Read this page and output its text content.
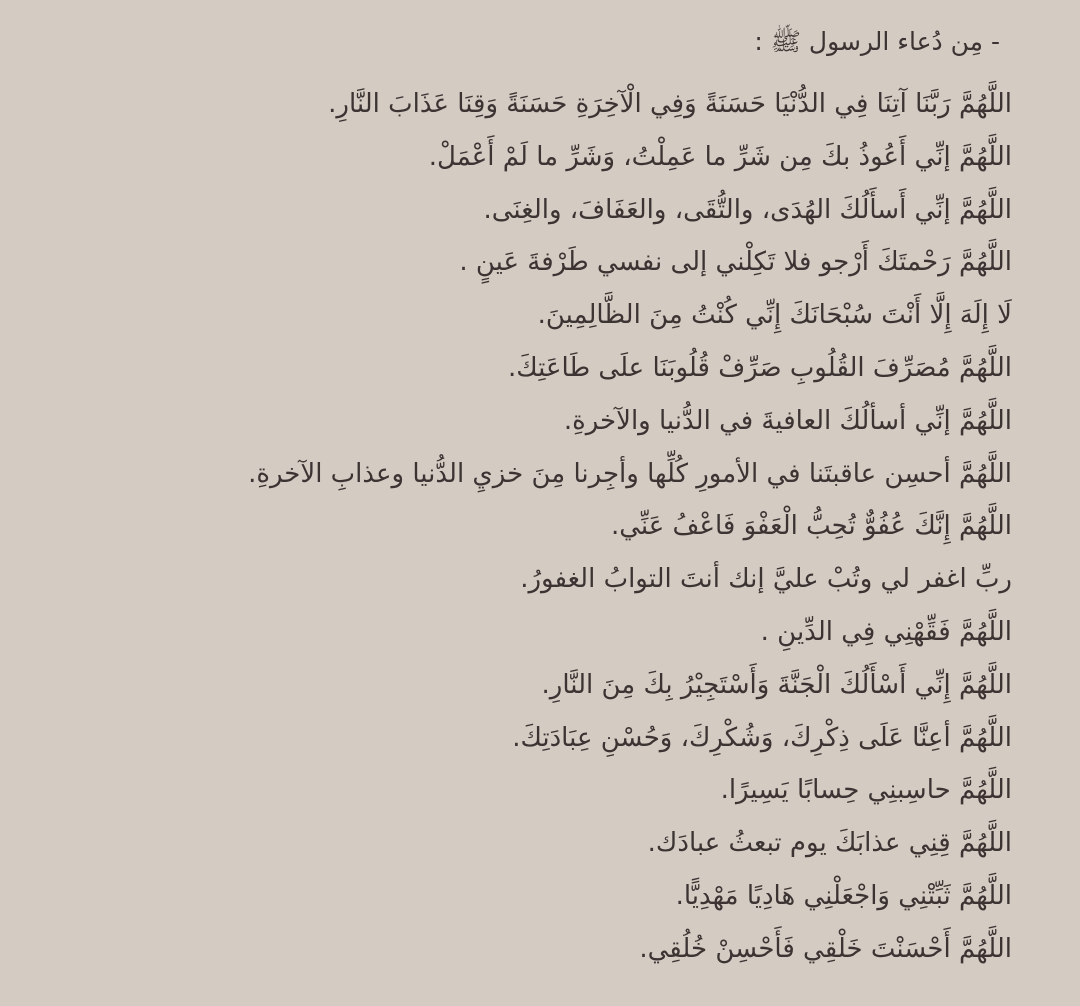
- مِن دُعاء الرسول ﷺ :
اللَّهُمَّ رَبَّنَا آتِنَا فِي الدُّنْيَا حَسَنَةً وَفِي الْآخِرَةِ حَسَنَةً وَقِنَا عَذَابَ النَّارِ.
اللَّهُمَّ إنِّي أَعُوذُ بكَ مِن شَرِّ ما عَمِلْتُ، وَشَرِّ ما لَمْ أَعْمَلْ.
اللَّهُمَّ إنِّي أَسأَلُكَ الهُدَى، والتُّقَى، والعَفَافَ، والغِنَى.
اللَّهُمَّ رَحْمتَكَ أَرْجو فلا تَكِلْني إلى نفسي طَرْفةَ عَينٍ .
لَا إِلَهَ إِلَّا أَنْتَ سُبْحَانَكَ إِنِّي كُنْتُ مِنَ الظَّالِمِينَ.
اللَّهُمَّ مُصَرِّفَ القُلُوبِ صَرِّفْ قُلُوبَنَا علَى طَاعَتِكَ.
اللَّهُمَّ إنِّي أسألُكَ العافيةَ في الدُّنيا والآخرةِ.
اللَّهُمَّ أحسِن عاقبتَنا في الأمورِ كُلِّها وأجِرنا مِنَ خزيِ الدُّنيا وعذابِ الآخرةِ.
اللَّهُمَّ إِنَّكَ عُفُوٌّ تُحِبُّ الْعَفْوَ فَاعْفُ عَنِّي.
ربِّ اغفر لي وتُبْ عليَّ إنك أنتَ التوابُ الغفورُ.
اللَّهُمَّ فَقِّهْنِي فِي الدِّينِ .
اللَّهُمَّ إِنِّي أَسْأَلُكَ الْجَنَّةَ وَأَسْتَجِيْرُ بِكَ مِنَ النَّارِ.
اللَّهُمَّ أعِنَّا عَلَى ذِكْرِكَ، وَشُكْرِكَ، وَحُسْنِ عِبَادَتِكَ.
اللَّهُمَّ حاسِبنِي حِسابًا يَسِيرًا.
اللَّهُمَّ قِنِي عذابَكَ يوم تبعثُ عبادَك.
اللَّهُمَّ ثَبِّتْنِي وَاجْعَلْنِي هَادِيًا مَهْدِيًّا.
اللَّهُمَّ أَحْسَنْتَ خَلْقِي فَأَحْسِنْ خُلُقِي.
